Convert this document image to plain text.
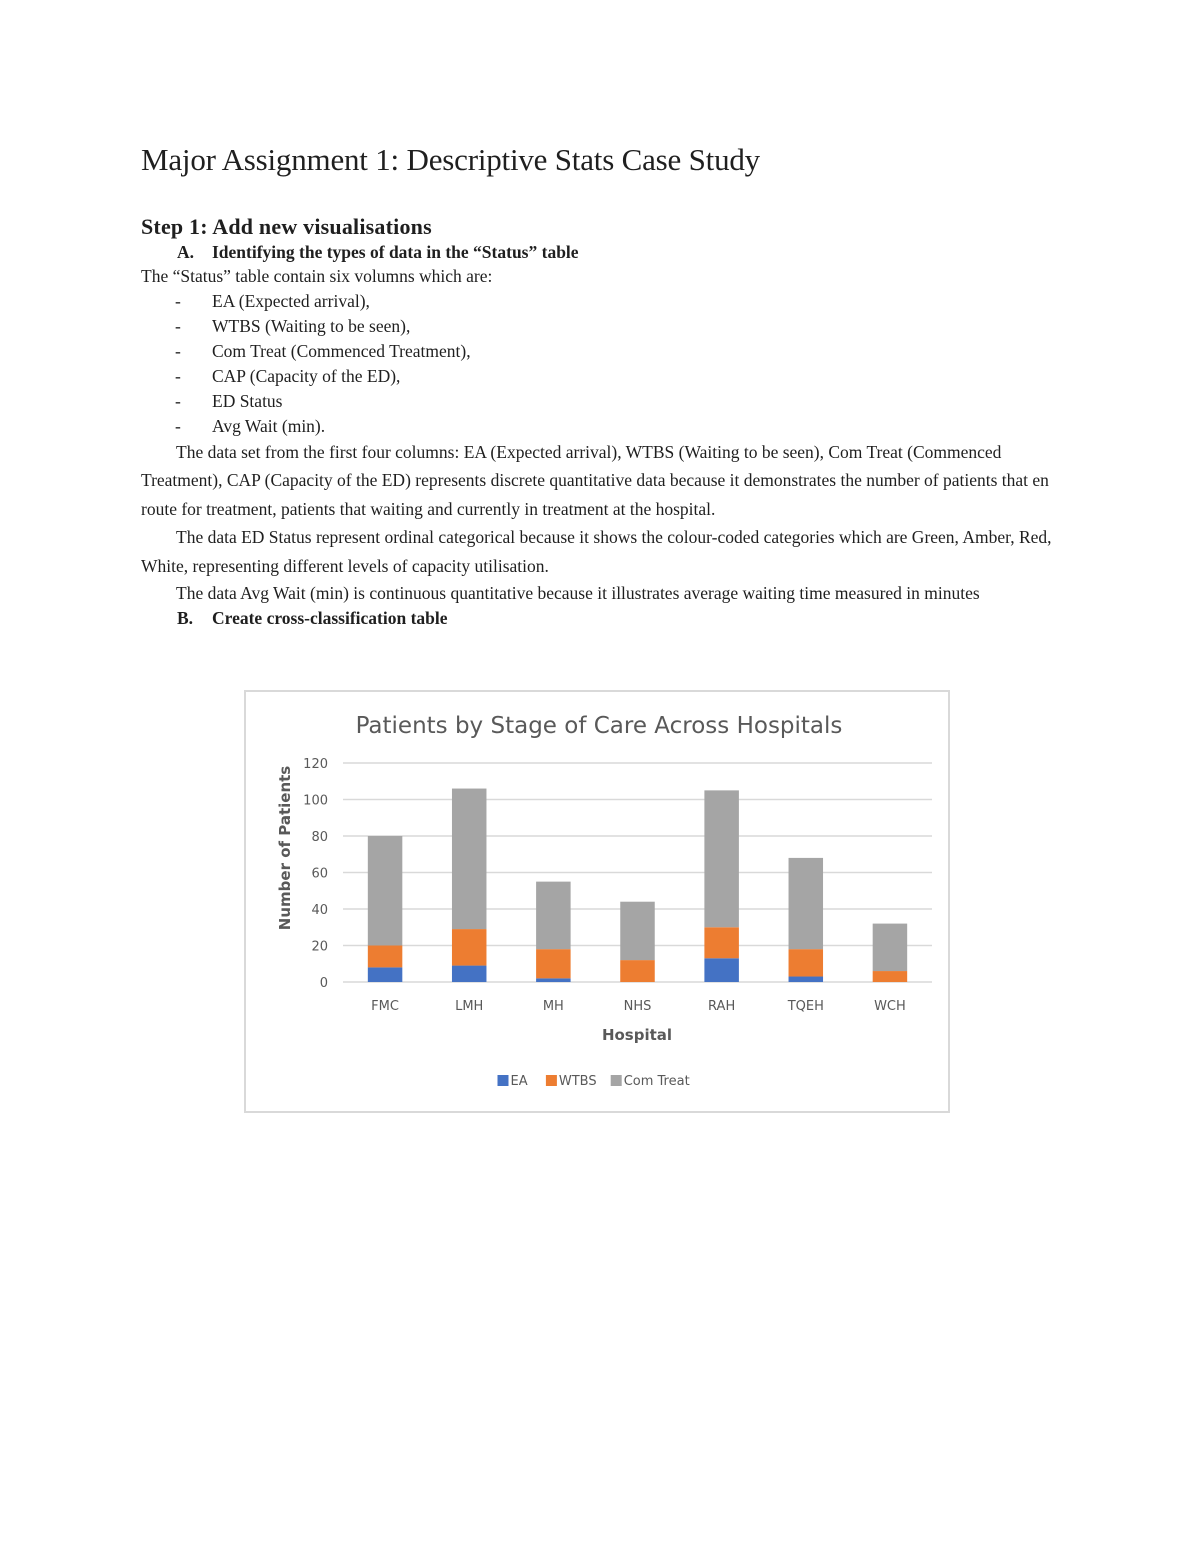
Major Assignment 1: Descriptive Stats Case Study
Step 1: Add new visualisations
A.	Identifying the types of data in the “Status” table

The “Status” table contain six volumns which are:

-	EA (Expected arrival),
-	WTBS (Waiting to be seen),
-	Com Treat (Commenced Treatment),
-	CAP (Capacity of the ED),
-	ED Status
-	Avg Wait (min).

The data set from the first four columns: EA (Expected arrival), WTBS (Waiting to be seen), Com Treat (Commenced Treatment), CAP (Capacity of the ED) represents discrete quantitative data because it demonstrates the number of patients that en route for treatment, patients that waiting and currently in treatment at the hospital.

The data ED Status represent ordinal categorical because it shows the colour-coded categories which are Green, Amber, Red, White, representing different levels of capacity utilisation.

The data Avg Wait (min) is continuous quantitative because it illustrates average waiting time measured in minutes

B.	Create cross-classification table
Patients by Stage of Care Across Hospitals
Number of Patients
Hospital
0
20
40
60
80
100
120
FMC	LMH	MH	NHS	RAH	TQEH	WCH
EA WTBS Com Treat
